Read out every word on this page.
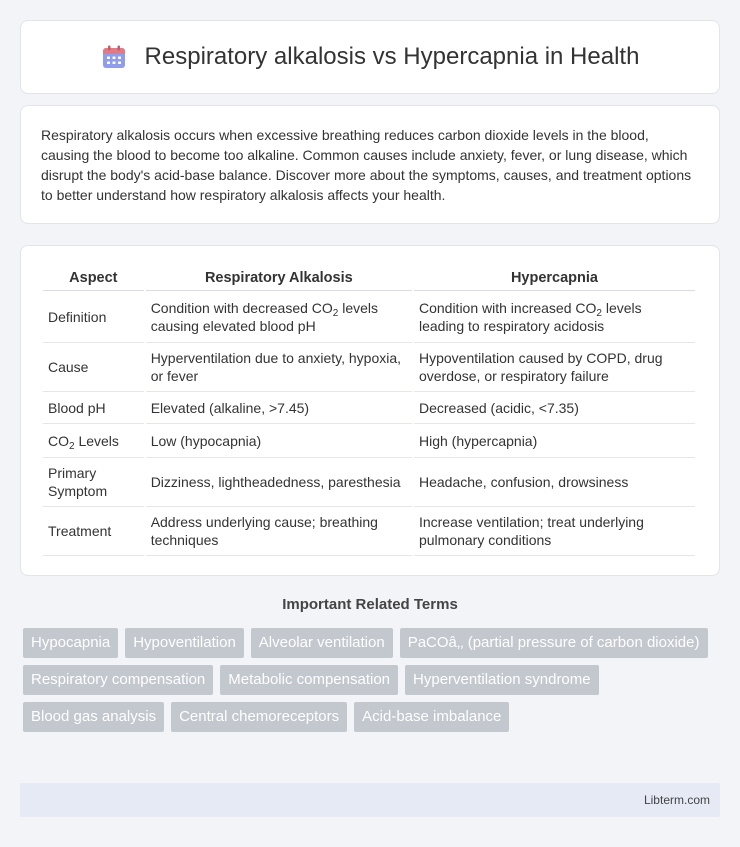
Respiratory alkalosis vs Hypercapnia in Health

Respiratory alkalosis occurs when excessive breathing reduces carbon dioxide levels in the blood, causing the blood to become too alkaline. Common causes include anxiety, fever, or lung disease, which disrupt the body's acid-base balance. Discover more about the symptoms, causes, and treatment options to better understand how respiratory alkalosis affects your health.

Aspect	Respiratory Alkalosis	Hypercapnia
Definition	Condition with decreased $CO_2$ levels causing elevated blood pH	Condition with increased $CO_2$ levels leading to respiratory acidosis
Cause	Hyperventilation due to anxiety, hypoxia, or fever	Hypoventilation caused by COPD, drug overdose, or respiratory failure
Blood pH	Elevated (alkaline, >7.45)	Decreased (acidic, <7.35)
$CO_2$ Levels	Low (hypocapnia)	High (hypercapnia)
Primary Symptom	Dizziness, lightheadedness, paresthesia	Headache, confusion, drowsiness
Treatment	Address underlying cause; breathing techniques	Increase ventilation; treat underlying pulmonary conditions
Important Related Terms
Hypocapnia	Hypoventilation	Alveolar ventilation	PaCOâ‚‚ (partial pressure of carbon dioxide)
Respiratory compensation	Metabolic compensation	Hyperventilation syndrome
Blood gas analysis	Central chemoreceptors	Acid-base imbalance
Libterm.com
